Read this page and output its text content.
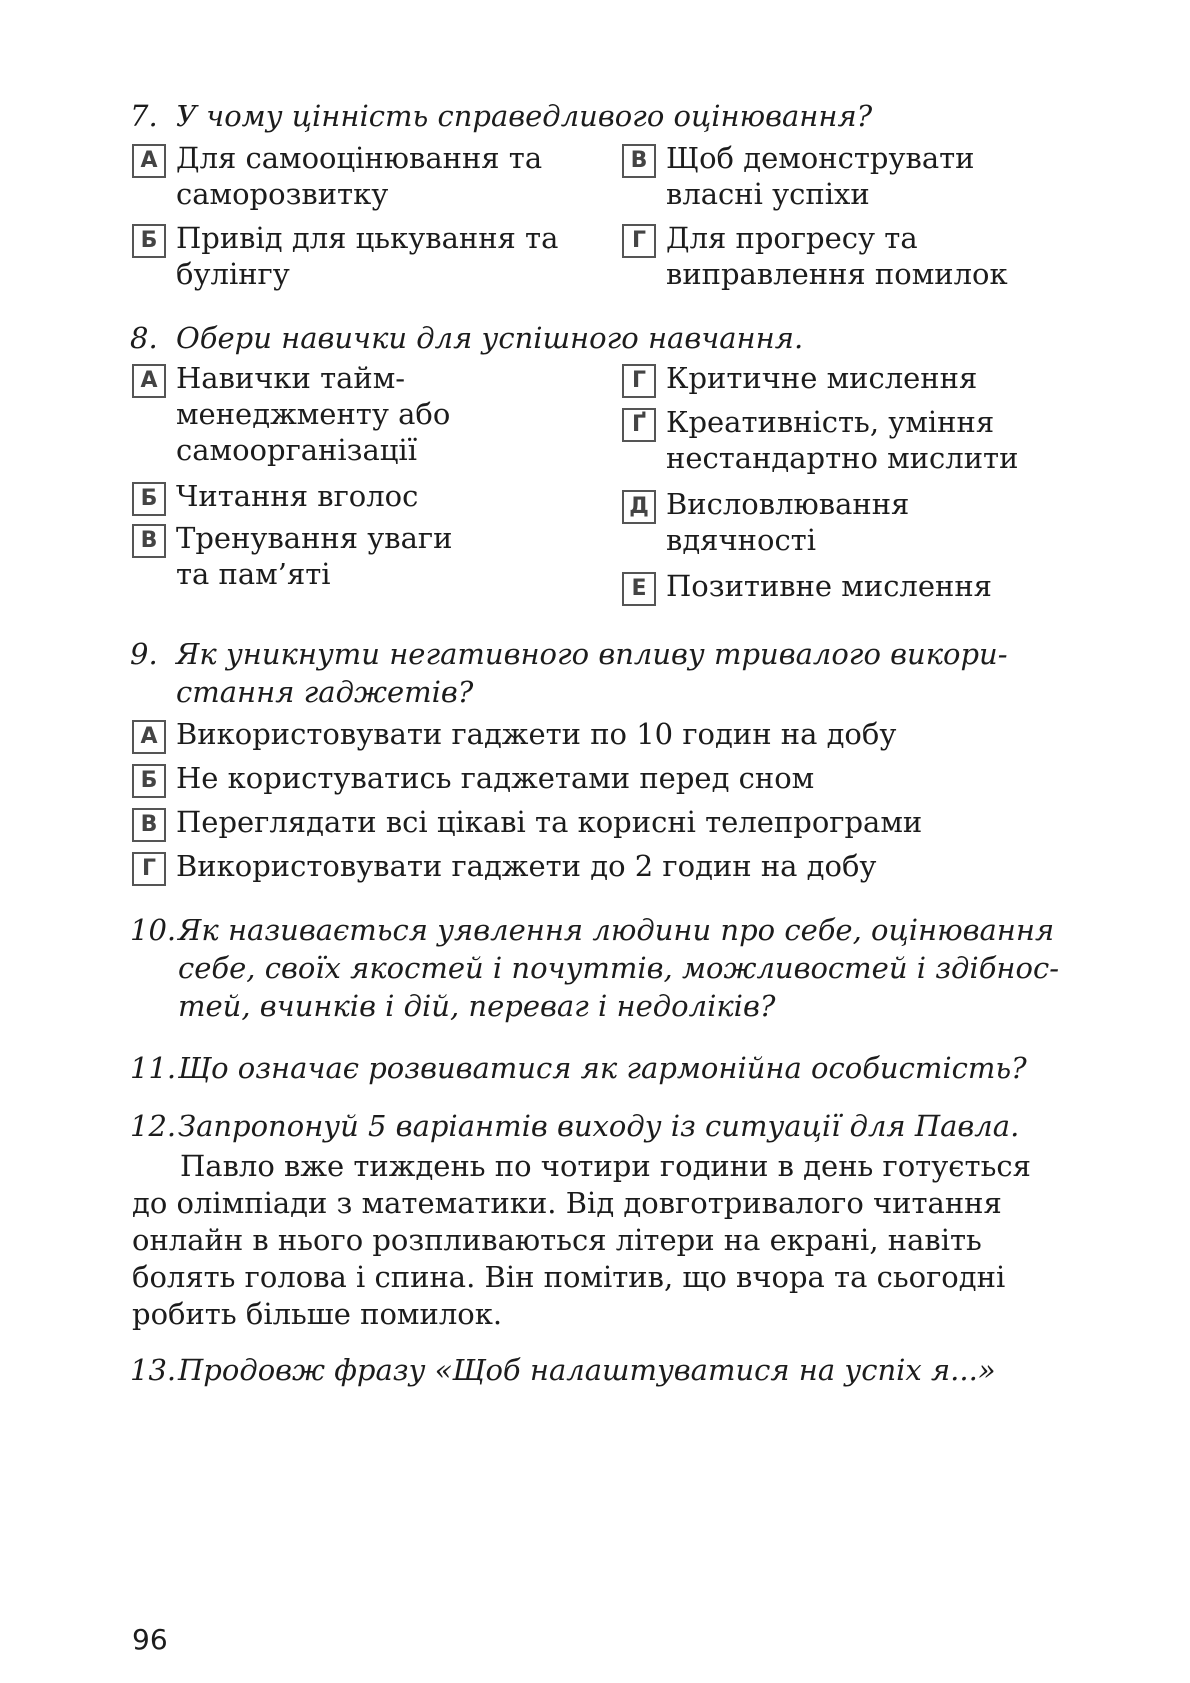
7. У чому цінність справедливого оцінювання?
А Для самооцінювання та
саморозвитку
Б Привід для цькування та
булінгу
В Щоб демонструвати
власні успіхи
Г Для прогресу та
виправлення помилок
8. Обери навички для успішного навчання.
А Навички тайм-
менеджменту або
самоорганізації
Б Читання вголос
В Тренування уваги
та пам’яті
Г Критичне мислення
Ґ Креативність, уміння
нестандартно мислити
Д Висловлювання
вдячності
Е Позитивне мислення
9. Як уникнути негативного впливу тривалого викори-
стання гаджетів?
А Використовувати гаджети по 10 годин на добу
Б Не користуватись гаджетами перед сном
В Переглядати всі цікаві та корисні телепрограми
Г Використовувати гаджети до 2 годин на добу
10.Як називається уявлення людини про себе, оцінювання
себе, своїх якостей і почуттів, можливостей і здібнос-
тей, вчинків і дій, переваг і недоліків?
11.Що означає розвиватися як гармонійна особистість?
12.Запропонуй 5 варіантів виходу із ситуації для Павла.
Павло вже тиждень по чотири години в день готується
до олімпіади з математики. Від довготривалого читання
онлайн в нього розпливаються літери на екрані, навіть
болять голова і спина. Він помітив, що вчора та сьогодні
робить більше помилок.
13.Продовж фразу «Щоб налаштуватися на успіх я...»
96
